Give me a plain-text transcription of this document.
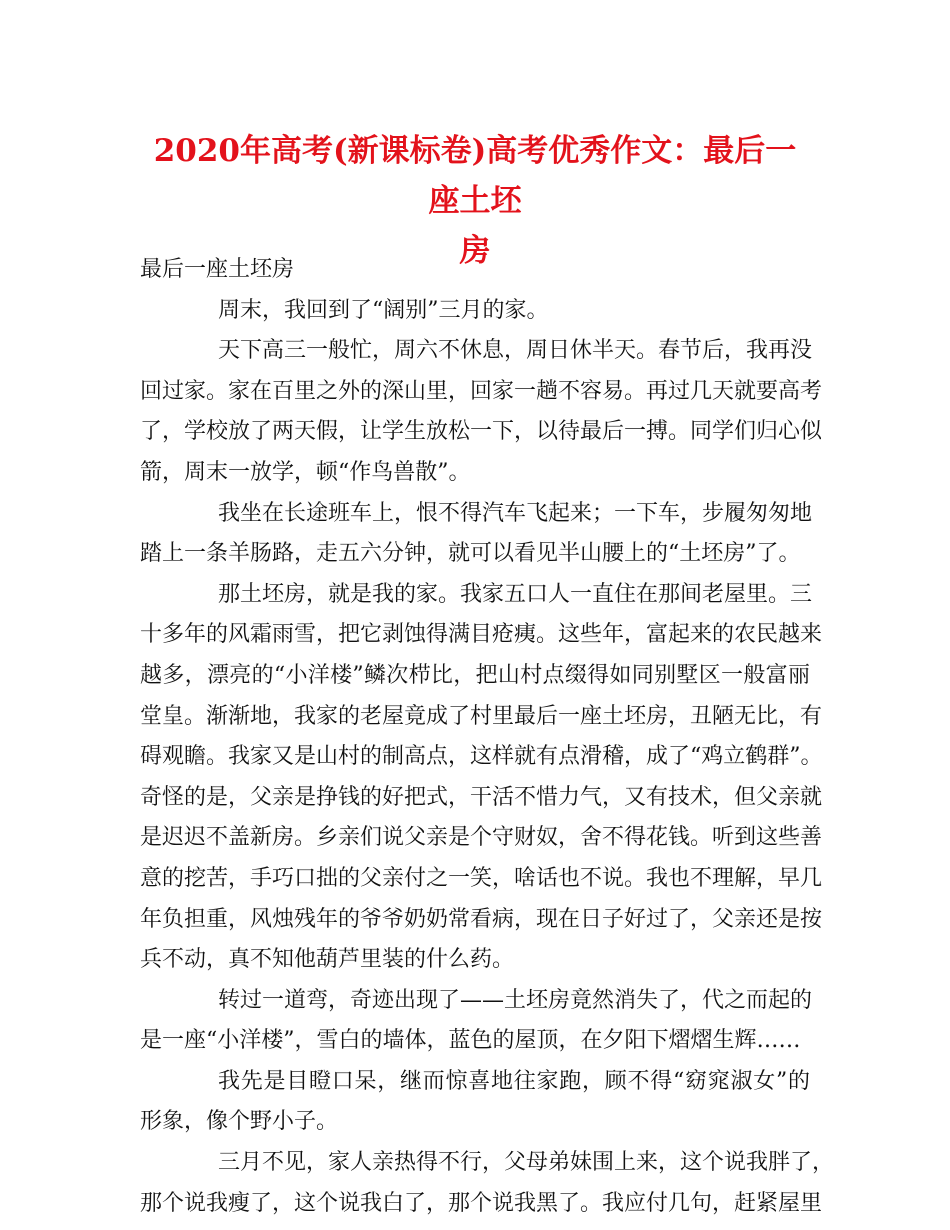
2020年高考(新课标卷)高考优秀作文：最后一座土坯
房

最后一座土坯房

周末，我回到了“阔别”三月的家。

天下高三一般忙，周六不休息，周日休半天。春节后，我再没
回过家。家在百里之外的深山里，回家一趟不容易。再过几天就要高考
了，学校放了两天假，让学生放松一下，以待最后一搏。同学们归心似
箭，周末一放学，顿“作鸟兽散”。

我坐在长途班车上，恨不得汽车飞起来；一下车，步履匆匆地
踏上一条羊肠路，走五六分钟，就可以看见半山腰上的“土坯房”了。

那土坯房，就是我的家。我家五口人一直住在那间老屋里。三
十多年的风霜雨雪，把它剥蚀得满目疮痍。这些年，富起来的农民越来
越多，漂亮的“小洋楼”鳞次栉比，把山村点缀得如同别墅区一般富丽
堂皇。渐渐地，我家的老屋竟成了村里最后一座土坯房，丑陋无比，有
碍观瞻。我家又是山村的制高点，这样就有点滑稽，成了“鸡立鹤群”。
奇怪的是，父亲是挣钱的好把式，干活不惜力气，又有技术，但父亲就
是迟迟不盖新房。乡亲们说父亲是个守财奴，舍不得花钱。听到这些善
意的挖苦，手巧口拙的父亲付之一笑，啥话也不说。我也不理解，早几
年负担重，风烛残年的爷爷奶奶常看病，现在日子好过了，父亲还是按
兵不动，真不知他葫芦里装的什么药。

转过一道弯，奇迹出现了——土坯房竟然消失了，代之而起的
是一座“小洋楼”，雪白的墙体，蓝色的屋顶，在夕阳下熠熠生辉……

我先是目瞪口呆，继而惊喜地往家跑，顾不得“窈窕淑女”的
形象，像个野小子。

三月不见，家人亲热得不行，父母弟妹围上来，这个说我胖了，
那个说我瘦了，这个说我白了，那个说我黑了。我应付几句，赶紧屋里
